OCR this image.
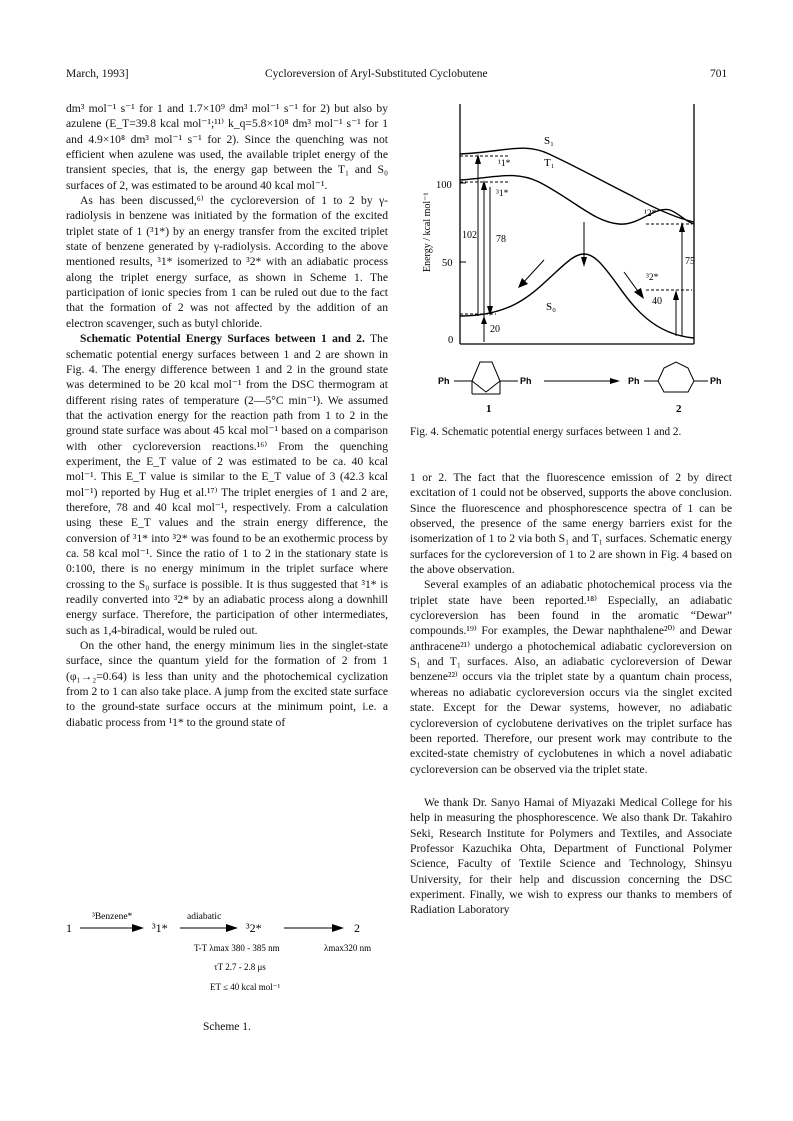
March, 1993]	Cycloreversion of Aryl-Substituted Cyclobutene	701

dm³ mol⁻¹ s⁻¹ for 1 and 1.7×10⁹ dm³ mol⁻¹ s⁻¹ for 2) but also by azulene (E_T=39.8 kcal mol⁻¹;¹¹⁾ k_q=5.8×10⁸ dm³ mol⁻¹ s⁻¹ for 1 and 4.9×10⁸ dm³ mol⁻¹ s⁻¹ for 2). Since the quenching was not efficient when azulene was used, the available triplet energy of the transient species, that is, the energy gap between the T₁ and S₀ surfaces of 2, was estimated to be around 40 kcal mol⁻¹.

As has been discussed,⁶⁾ the cycloreversion of 1 to 2 by γ-radiolysis in benzene was initiated by the formation of the excited triplet state of 1 (³1*) by an energy transfer from the excited triplet state of benzene generated by γ-radiolysis. According to the above mentioned results, ³1* isomerized to ³2* with an adiabatic process along the triplet energy surface, as shown in Scheme 1. The participation of ionic species from 1 can be ruled out due to the fact that the formation of 2 was not affected by the addition of an electron scavenger, such as butyl chloride.

Schematic Potential Energy Surfaces between 1 and 2. The schematic potential energy surfaces between 1 and 2 are shown in Fig. 4. The energy difference between 1 and 2 in the ground state was determined to be 20 kcal mol⁻¹ from the DSC thermogram at different rising rates of temperature (2—5°C min⁻¹). We assumed that the activation energy for the reaction path from 1 to 2 in the ground state surface was about 45 kcal mol⁻¹ based on a comparison with other cycloreversion reactions.¹⁶⁾ From the quenching experiment, the E_T value of 2 was estimated to be ca. 40 kcal mol⁻¹. This E_T value is similar to the E_T value of 3 (42.3 kcal mol⁻¹) reported by Hug et al.¹⁷⁾ The triplet energies of 1 and 2 are, therefore, 78 and 40 kcal mol⁻¹, respectively. From a calculation using these E_T values and the strain energy difference, the conversion of ³1* into ³2* was found to be an exothermic process by ca. 58 kcal mol⁻¹. Since the ratio of 1 to 2 in the stationary state is 0:100, there is no energy minimum in the triplet surface where crossing to the S₀ surface is possible. It is thus suggested that ³1* is readily converted into ³2* by an adiabatic process along a downhill energy surface. Therefore, the participation of other intermediates, such as 1,4-biradical, would be ruled out.

On the other hand, the energy minimum lies in the singlet-state surface, since the quantum yield for the formation of 2 from 1 (φ₁→₂=0.64) is less than unity and the photochemical cyclization from 2 to 1 can also take place. A jump from the excited state surface to the ground-state surface occurs at the minimum point, i.e. a diabatic process from ¹1* to the ground state of

1
³Benzene*
³1*
adiabatic
³2*	2
T-T λmax 380 - 385 nm
τT 2.7 - 2.8 μs
ET ≤ 40 kcal mol⁻¹
λmax320 nm
Scheme 1.
100
50
0
Energy / kcal mol⁻¹
S₁
T₁
S₀
¹1*
³1*
¹2*
³2*
102 78
20
75
40
Ph	Ph
1
Ph	Ph
2
Fig. 4. Schematic potential energy surfaces between 1 and 2.

1 or 2. The fact that the fluorescence emission of 2 by direct excitation of 1 could not be observed, supports the above conclusion. Since the fluorescence and phosphorescence spectra of 1 can be observed, the presence of the same energy barriers exist for the isomerization of 1 to 2 via both S₁ and T₁ surfaces. Schematic energy surfaces for the cycloreversion of 1 to 2 are shown in Fig. 4 based on the above observation.

Several examples of an adiabatic photochemical process via the triplet state have been reported.¹⁸⁾ Especially, an adiabatic cycloreversion has been found in the aromatic “Dewar” compounds.¹⁹⁾ For examples, the Dewar naphthalene²⁰⁾ and Dewar anthracene²¹⁾ undergo a photochemical adiabatic cycloreversion on S₁ and T₁ surfaces. Also, an adiabatic cycloreversion of Dewar benzene²²⁾ occurs via the triplet state by a quantum chain process, whereas no adiabatic cycloreversion occurs via the singlet excited state. Except for the Dewar systems, however, no adiabatic cycloreversion of cyclobutene derivatives on the triplet surface has been reported. Therefore, our present work may contribute to the excited-state chemistry of cyclobutenes in which a novel adiabatic cycloreversion can be observed via the triplet state.

We thank Dr. Sanyo Hamai of Miyazaki Medical College for his help in measuring the phosphorescence. We also thank Dr. Takahiro Seki, Research Institute for Polymers and Textiles, and Associate Professor Kazuchika Ohta, Department of Functional Polymer Science, Faculty of Textile Science and Technology, Shinsyu University, for their help and discussion concerning the DSC experiment. Finally, we wish to express our thanks to members of Radiation Laboratory
